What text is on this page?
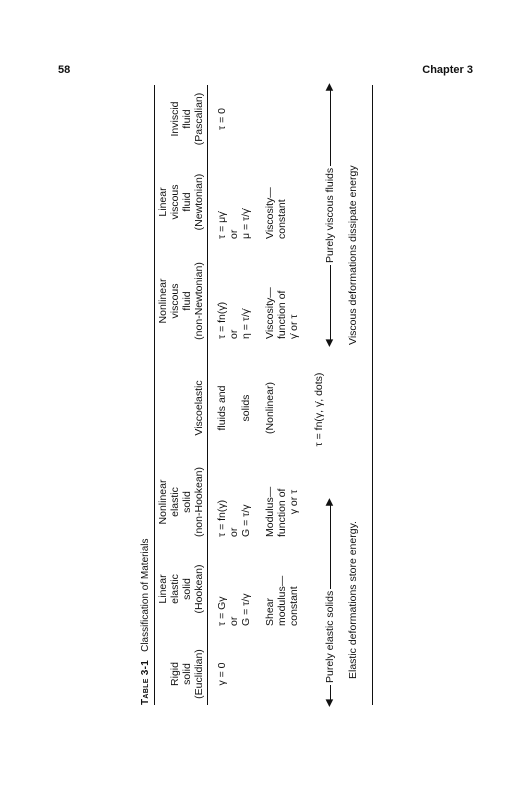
58	Chapter 3
Table 3-1Classification of Materials
Rigid solid (Euclidian) γ = 0
Linear elastic solid (Hookean) τ = Gγ or G = τ/γ Shear modulus— constant
Nonlinear elastic solid (non-Hookean) τ = fn(γ) or G = τ/γ Modulus— function of γ or τ

Viscoelastic fluids and solids (Nonlinear)	τ = fn(γ, γ̇, dots)
Nonlinear viscous fluid (non-Newtonian) τ = fn(γ̇) or η = τ/γ̇ Viscosity— function of γ̇ or τ
Linear viscous fluid (Newtonian) τ = μγ̇ or μ = τ/γ̇ Viscosity— constant
Inviscid fluid (Pascalian) τ = 0
◀
▶
Purely elastic solids
◀
▶
Purely viscous fluids
Elastic deformations store energy.
Viscous deformations dissipate energy
